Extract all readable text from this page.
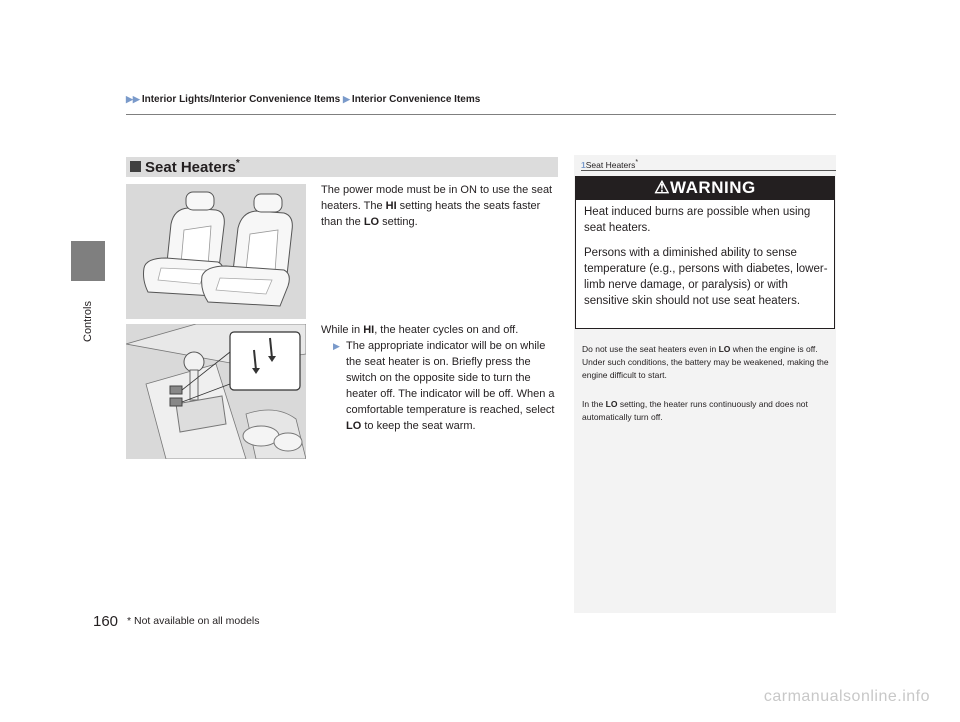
Controls
▶▶ Interior Lights/Interior Convenience Items ▶ Interior Convenience Items
Seat Heaters*
The power mode must be in ON to use the seat heaters. The HI setting heats the seats faster than the LO setting.
While in HI, the heater cycles on and off.
▶ The appropriate indicator will be on while the seat heater is on. Briefly press the switch on the opposite side to turn the heater off. The indicator will be off. When a comfortable temperature is reached, select LO to keep the seat warm.
1Seat Heaters*
⚠WARNING
Heat induced burns are possible when using seat heaters.
Persons with a diminished ability to sense temperature (e.g., persons with diabetes, lower-limb nerve damage, or paralysis) or with sensitive skin should not use seat heaters.
Do not use the seat heaters even in LO when the engine is off. Under such conditions, the battery may be weakened, making the engine difficult to start.
In the LO setting, the heater runs continuously and does not automatically turn off.
160 * Not available on all models
carmanualsonline.info
